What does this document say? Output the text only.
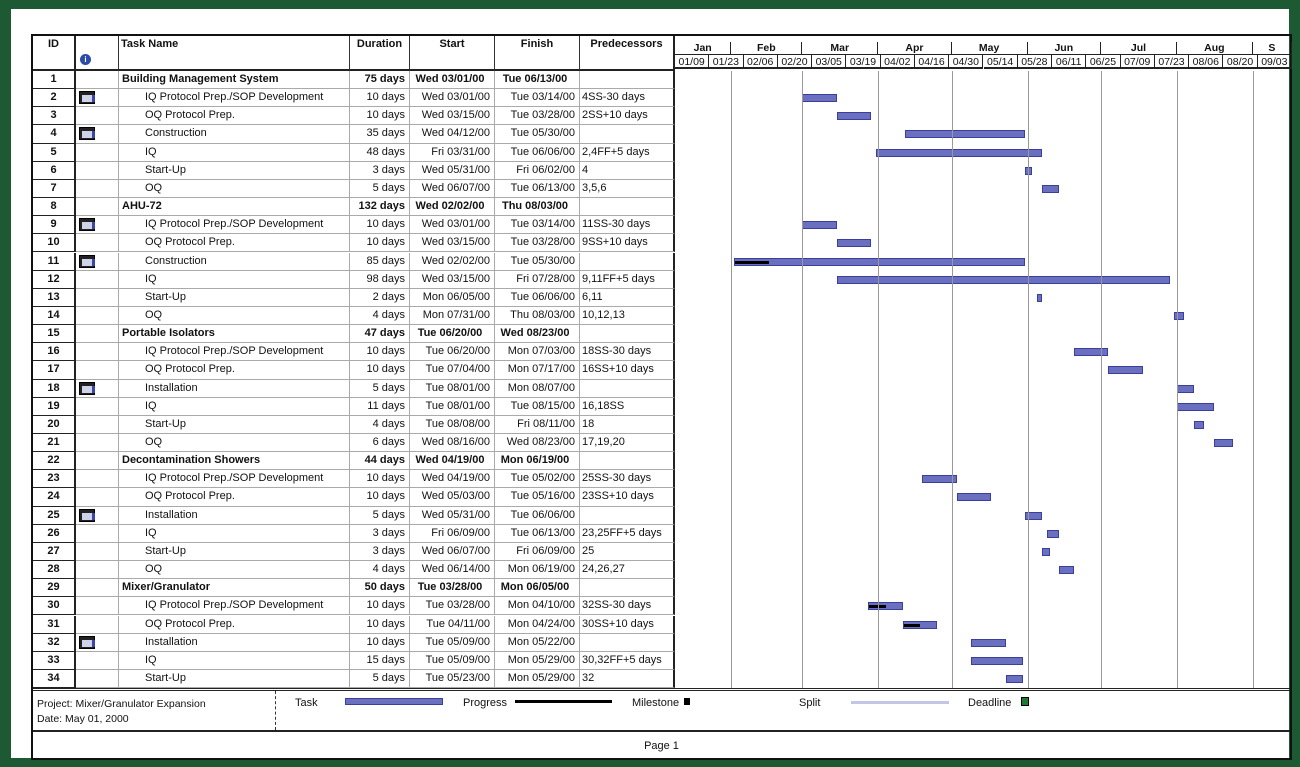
ID
i
Task Name	Duration	Start	Finish	Predecessors
1	Building Management System	75 days Wed 03/01/00	Tue 06/13/00
2	IQ Protocol Prep./SOP Development	10 days	Wed 03/01/00	Tue 03/14/00 4SS-30 days
3	OQ Protocol Prep.	10 days	Wed 03/15/00	Tue 03/28/00 2SS+10 days
4	Construction	35 days	Wed 04/12/00	Tue 05/30/00
5	IQ	48 days	Fri 03/31/00	Tue 06/06/00 2,4FF+5 days
6	Start-Up	3 days	Wed 05/31/00	Fri 06/02/00 4
7	OQ	5 days	Wed 06/07/00	Tue 06/13/00 3,5,6
8	AHU-72	132 days Wed 02/02/00	Thu 08/03/00
9	IQ Protocol Prep./SOP Development	10 days	Wed 03/01/00	Tue 03/14/00 11SS-30 days
10	OQ Protocol Prep.	10 days	Wed 03/15/00	Tue 03/28/00 9SS+10 days
11	Construction	85 days	Wed 02/02/00	Tue 05/30/00
12	IQ	98 days	Wed 03/15/00	Fri 07/28/00 9,11FF+5 days
13	Start-Up	2 days	Mon 06/05/00	Tue 06/06/00 6,11
14	OQ	4 days	Mon 07/31/00	Thu 08/03/00 10,12,13
15	Portable Isolators	47 days	Tue 06/20/00	Wed 08/23/00
16	IQ Protocol Prep./SOP Development	10 days	Tue 06/20/00	Mon 07/03/00 18SS-30 days
17	OQ Protocol Prep.	10 days	Tue 07/04/00	Mon 07/17/00 16SS+10 days
18	Installation	5 days	Tue 08/01/00	Mon 08/07/00
19	IQ	11 days	Tue 08/01/00	Tue 08/15/00 16,18SS
20	Start-Up	4 days	Tue 08/08/00	Fri 08/11/00 18
21	OQ	6 days	Wed 08/16/00	Wed 08/23/00 17,19,20
22	Decontamination Showers	44 days Wed 04/19/00	Mon 06/19/00
23	IQ Protocol Prep./SOP Development	10 days	Wed 04/19/00	Tue 05/02/00 25SS-30 days
24	OQ Protocol Prep.	10 days	Wed 05/03/00	Tue 05/16/00 23SS+10 days
25	Installation	5 days	Wed 05/31/00	Tue 06/06/00
26	IQ	3 days	Fri 06/09/00	Tue 06/13/00 23,25FF+5 days
27	Start-Up	3 days	Wed 06/07/00	Fri 06/09/00 25
28	OQ	4 days	Wed 06/14/00	Mon 06/19/00 24,26,27
29	Mixer/Granulator	50 days	Tue 03/28/00	Mon 06/05/00
30	IQ Protocol Prep./SOP Development	10 days	Tue 03/28/00	Mon 04/10/00 32SS-30 days
31	OQ Protocol Prep.	10 days	Tue 04/11/00	Mon 04/24/00 30SS+10 days
32	Installation	10 days	Tue 05/09/00	Mon 05/22/00
33	IQ	15 days	Tue 05/09/00	Mon 05/29/00 30,32FF+5 days
34	Start-Up	5 days	Tue 05/23/00	Mon 05/29/00 32
Jan	Feb	Mar	Apr	May	Jun	Jul	Aug	S
01/09 01/23 02/06 02/20 03/05 03/19 04/02 04/16 04/30 05/14 05/28 06/11 06/25 07/09 07/23 08/06 08/20 09/03
Project: Mixer/Granulator Expansion
Date: May 01, 2000
Task	Progress	Milestone	Split	Deadline
Page 1
